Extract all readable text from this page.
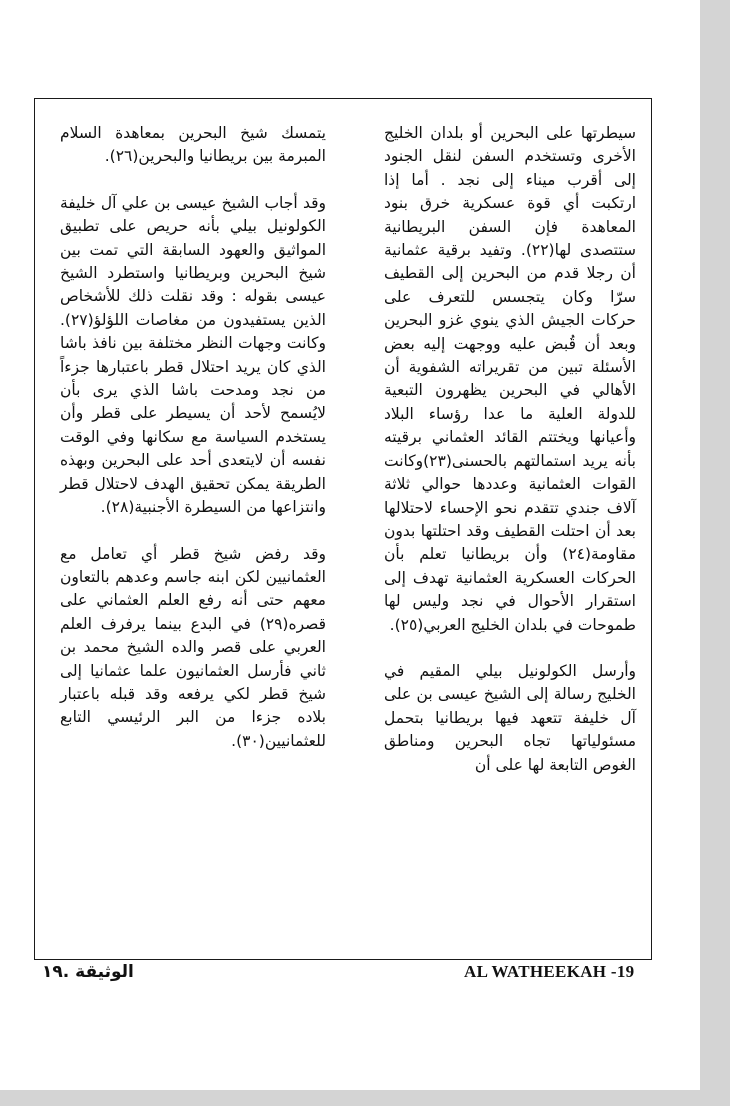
سيطرتها على البحرين أو بلدان الخليج الأخرى وتستخدم السفن لنقل الجنود إلى أقرب ميناء إلى نجد . أما إذا ارتكبت أي قوة عسكرية خرق بنود المعاهدة فإن السفن البريطانية ستتصدى لها(٢٢). وتفيد برقية عثمانية أن رجلا قدم من البحرين إلى القطيف سرّا وكان يتجسس للتعرف على حركات الجيش الذي ينوي غزو البحرين وبعد أن قُبض عليه ووجهت إليه بعض الأسئلة تبين من تقريراته الشفوية أن الأهالي في البحرين يظهرون التبعية للدولة العلية ما عدا رؤساء البلاد وأعيانها ويختتم القائد العثماني برقيته بأنه يريد استمالتهم بالحسنى(٢٣)وكانت القوات العثمانية وعددها حوالي ثلاثة آلاف جندي تتقدم نحو الإحساء لاحتلالها بعد أن احتلت القطيف وقد احتلتها بدون مقاومة(٢٤) وأن بريطانيا تعلم بأن الحركات العسكرية العثمانية تهدف إلى استقرار الأحوال في نجد وليس لها طموحات في بلدان الخليج العربي(٢٥).

وأرسل الكولونيل بيلي المقيم في الخليج رسالة إلى الشيخ عيسى بن على آل خليفة تتعهد فيها بريطانيا بتحمل مسئولياتها تجاه البحرين ومناطق الغوص التابعة لها على أن

يتمسك شيخ البحرين بمعاهدة السلام المبرمة بين بريطانيا والبحرين(٢٦).

وقد أجاب الشيخ عيسى بن علي آل خليفة الكولونيل بيلي بأنه حريص على تطبيق المواثيق والعهود السابقة التي تمت بين شيخ البحرين وبريطانيا واستطرد الشيخ عيسى بقوله : وقد نقلت ذلك للأشخاص الذين يستفيدون من مغاصات اللؤلؤ(٢٧). وكانت وجهات النظر مختلفة بين نافذ باشا الذي كان يريد احتلال قطر باعتبارها جزءاً من نجد ومدحت باشا الذي يرى بأن لايُسمح لأحد أن يسيطر على قطر وأن يستخدم السياسة مع سكانها وفي الوقت نفسه أن لايتعدى أحد على البحرين وبهذه الطريقة يمكن تحقيق الهدف لاحتلال قطر وانتزاعها من السيطرة الأجنبية(٢٨).

وقد رفض شيخ قطر أي تعامل مع العثمانيين لكن ابنه جاسم وعدهم بالتعاون معهم حتى أنه رفع العلم العثماني على قصره(٢٩) في البدع بينما يرفرف العلم العربي على قصر والده الشيخ محمد بن ثاني فأرسل العثمانيون علما عثمانيا إلى شيخ قطر لكي يرفعه وقد قبله باعتبار بلاده جزءا من البر الرئيسي التابع للعثمانيين(٣٠).

الوثيقة .١٩	AL WATHEEKAH -19
